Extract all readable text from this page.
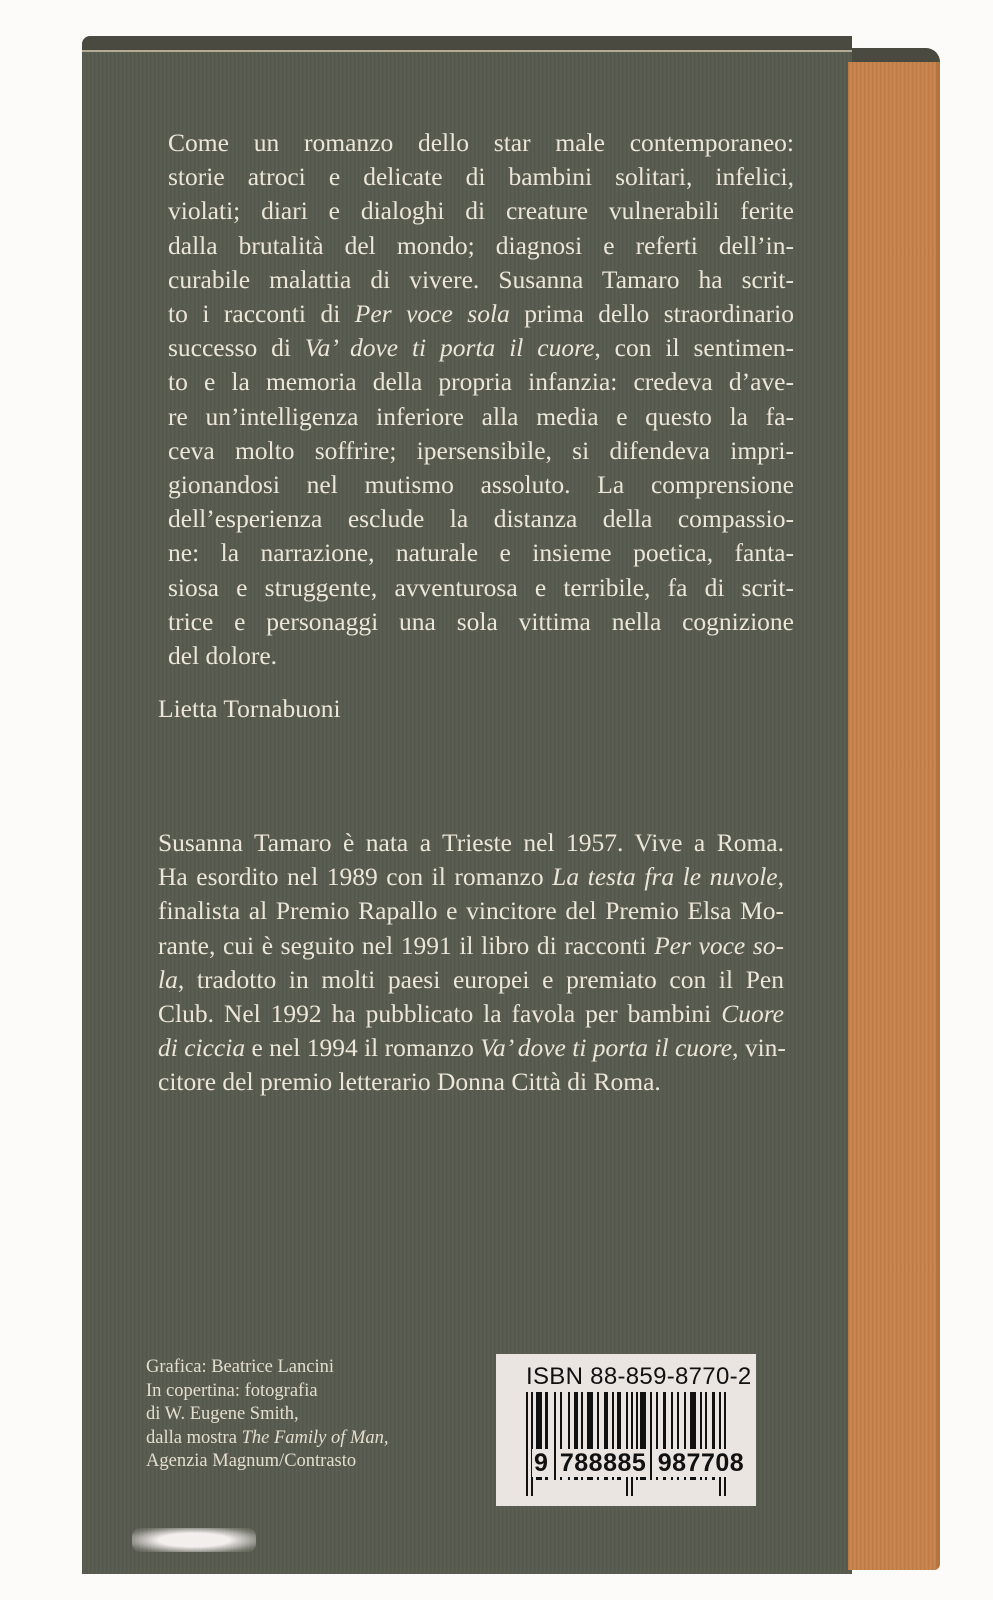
Come un romanzo dello star male contemporaneo:
storie atroci e delicate di bambini solitari, infelici,
violati; diari e dialoghi di creature vulnerabili ferite
dalla brutalità del mondo; diagnosi e referti dell’in-
curabile malattia di vivere. Susanna Tamaro ha scrit-
to i racconti di Per voce sola prima dello straordinario
successo di Va’ dove ti porta il cuore, con il sentimen-
to e la memoria della propria infanzia: credeva d’ave-
re un’intelligenza inferiore alla media e questo la fa-
ceva molto soffrire; ipersensibile, si difendeva impri-
gionandosi nel mutismo assoluto. La comprensione
dell’esperienza esclude la distanza della compassio-
ne: la narrazione, naturale e insieme poetica, fanta-
siosa e struggente, avventurosa e terribile, fa di scrit-
trice e personaggi una sola vittima nella cognizione
del dolore.
Lietta Tornabuoni
Susanna Tamaro è nata a Trieste nel 1957. Vive a Roma.
Ha esordito nel 1989 con il romanzo La testa fra le nuvole,
finalista al Premio Rapallo e vincitore del Premio Elsa Mo-
rante, cui è seguito nel 1991 il libro di racconti Per voce so-
la, tradotto in molti paesi europei e premiato con il Pen
Club. Nel 1992 ha pubblicato la favola per bambini Cuore
di ciccia e nel 1994 il romanzo Va’ dove ti porta il cuore, vin-
citore del premio letterario Donna Città di Roma.
Grafica: Beatrice Lancini
In copertina: fotografia
di W. Eugene Smith,
dalla mostra The Family of Man,
Agenzia Magnum/Contrasto
ISBN 88-859-8770-2
9 788885 987708
